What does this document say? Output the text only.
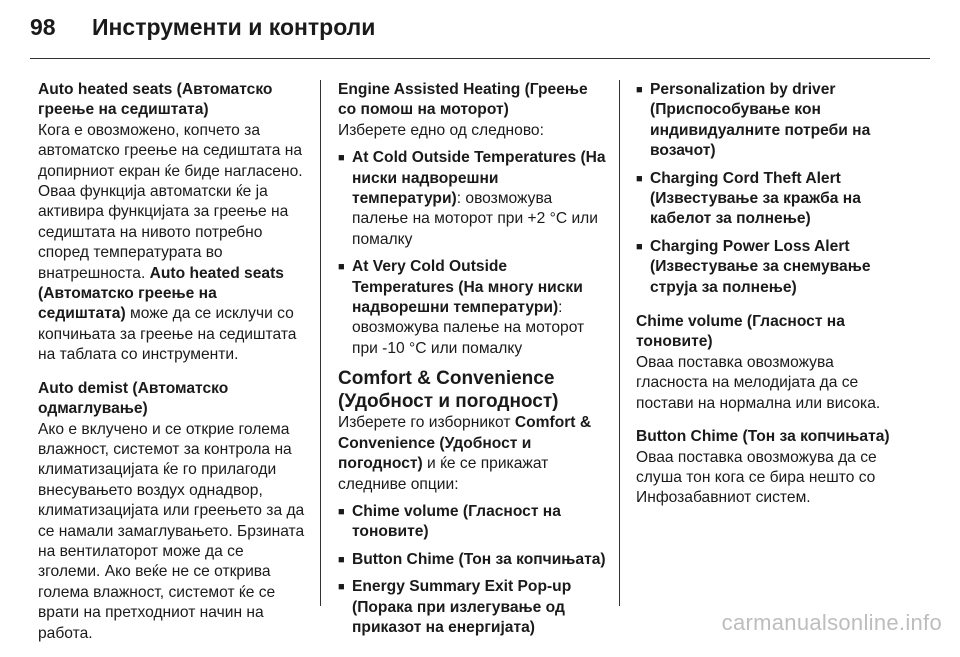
98	Инструменти и контроли
Auto heated seats (Автоматско греење на седиштата)
Кога е овозможено, копчето за автоматско греење на седиштата на допирниот екран ќе биде нагласено. Оваа функција автоматски ќе ја активира функцијата за греење на седиштата на нивото потребно според температурата во внатрешноста. Auto heated seats (Автоматско греење на седиштата) може да се исклучи со копчињата за греење на седиштата на таблата со инструменти.
Auto demist (Автоматско одмаглување)
Ако е вклучено и се открие голема влажност, системот за контрола на климатизацијата ќе го прилагоди внесувањето воздух однадвор, климатизацијата или греењето за да се намали замаглувањето. Брзината на вентилаторот може да се зголеми. Ако веќе не се открива голема влажност, системот ќе се врати на претходниот начин на работа.
Engine Assisted Heating (Греење со помош на моторот)
Изберете едно од следново:
■ At Cold Outside Temperatures (На ниски надворешни температури): овозможува палење на моторот при +2 °C или помалку
■ At Very Cold Outside Temperatures (На многу ниски надворешни температури): овозможува палење на моторот при -10 °C или помалку
Comfort & Convenience (Удобност и погодност)
Изберете го изборникот Comfort & Convenience (Удобност и погодност) и ќе се прикажат следниве опции:
■ Chime volume (Гласност на тоновите)
■ Button Chime (Тон за копчињата)
■ Energy Summary Exit Pop-up (Порака при излегување од приказот на енергијата)
■ Personalization by driver (Приспособување кон индивидуалните потреби на возачот)
■ Charging Cord Theft Alert (Известување за кражба на кабелот за полнење)
■ Charging Power Loss Alert (Известување за снемување струја за полнење)
Chime volume (Гласност на тоновите)
Оваа поставка овозможува гласноста на мелодијата да се постави на нормална или висока.
Button Chime (Тон за копчињата)
Оваа поставка овозможува да се слуша тон кога се бира нешто со Инфозабавниот систем.
carmanualsonline.info
